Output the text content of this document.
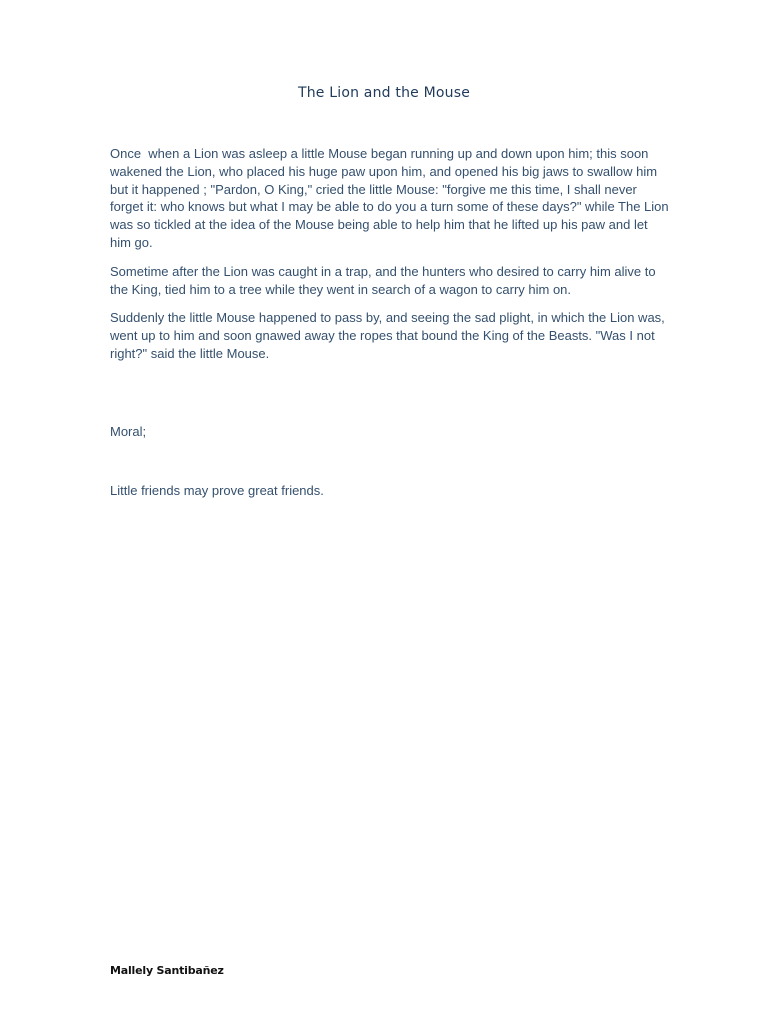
The Lion and the Mouse

Once  when a Lion was asleep a little Mouse began running up and down upon him; this soon wakened the Lion, who placed his huge paw upon him, and opened his big jaws to swallow him but it happened ; "Pardon, O King," cried the little Mouse: "forgive me this time, I shall never forget it: who knows but what I may be able to do you a turn some of these days?" while The Lion was so tickled at the idea of the Mouse being able to help him that he lifted up his paw and let him go.

Sometime after the Lion was caught in a trap, and the hunters who desired to carry him alive to the King, tied him to a tree while they went in search of a wagon to carry him on.

Suddenly the little Mouse happened to pass by, and seeing the sad plight, in which the Lion was, went up to him and soon gnawed away the ropes that bound the King of the Beasts. "Was I not right?" said the little Mouse.

Moral;
Little friends may prove great friends.
Mallely Santibañez
